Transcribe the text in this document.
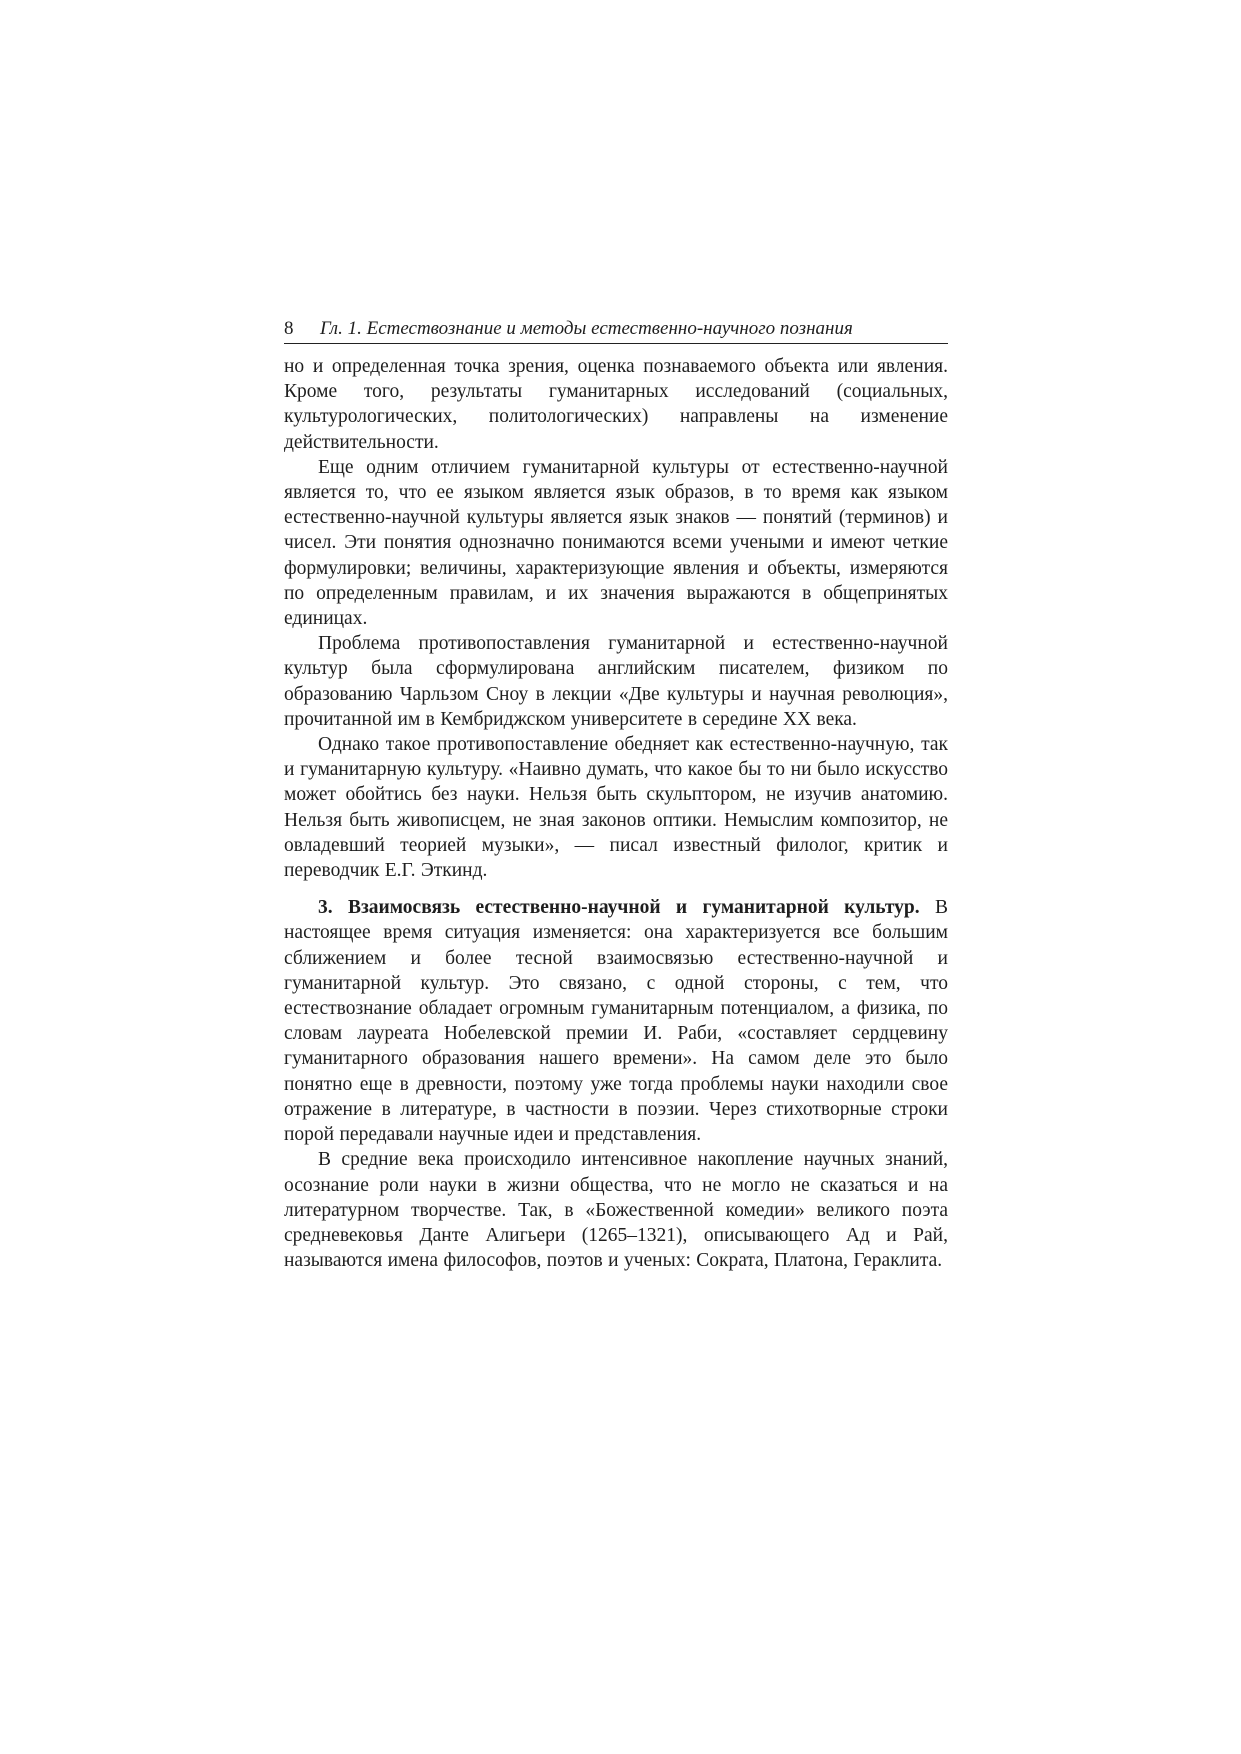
8	Гл. 1. Естествознание и методы естественно-научного познания

но и определенная точка зрения, оценка познаваемого объекта или явления. Кроме того, результаты гуманитарных исследований (социальных, культурологических, политологических) направлены на изменение действительности.

Еще одним отличием гуманитарной культуры от естественно-научной является то, что ее языком является язык образов, в то время как языком естественно-научной культуры является язык знаков — понятий (терминов) и чисел. Эти понятия однозначно понимаются всеми учеными и имеют четкие формулировки; величины, характеризующие явления и объекты, измеряются по определенным правилам, и их значения выражаются в общепринятых единицах.

Проблема противопоставления гуманитарной и естественно-научной культур была сформулирована английским писателем, физиком по образованию Чарльзом Сноу в лекции «Две культуры и научная революция», прочитанной им в Кембриджском университете в середине XX века.

Однако такое противопоставление обедняет как естественно-научную, так и гуманитарную культуру. «Наивно думать, что какое бы то ни было искусство может обойтись без науки. Нельзя быть скульптором, не изучив анатомию. Нельзя быть живописцем, не зная законов оптики. Немыслим композитор, не овладевший теорией музыки», — писал известный филолог, критик и переводчик Е.Г. Эткинд.

3. Взаимосвязь естественно-научной и гуманитарной культур. В настоящее время ситуация изменяется: она характеризуется все большим сближением и более тесной взаимосвязью естественно-научной и гуманитарной культур. Это связано, с одной стороны, с тем, что естествознание обладает огромным гуманитарным потенциалом, а физика, по словам лауреата Нобелевской премии И. Раби, «составляет сердцевину гуманитарного образования нашего времени». На самом деле это было понятно еще в древности, поэтому уже тогда проблемы науки находили свое отражение в литературе, в частности в поэзии. Через стихотворные строки порой передавали научные идеи и представления.

В средние века происходило интенсивное накопление научных знаний, осознание роли науки в жизни общества, что не могло не сказаться и на литературном творчестве. Так, в «Божественной комедии» великого поэта средневековья Данте Алигьери (1265–1321), описывающего Ад и Рай, называются имена философов, поэтов и ученых: Сократа, Платона, Гераклита.
